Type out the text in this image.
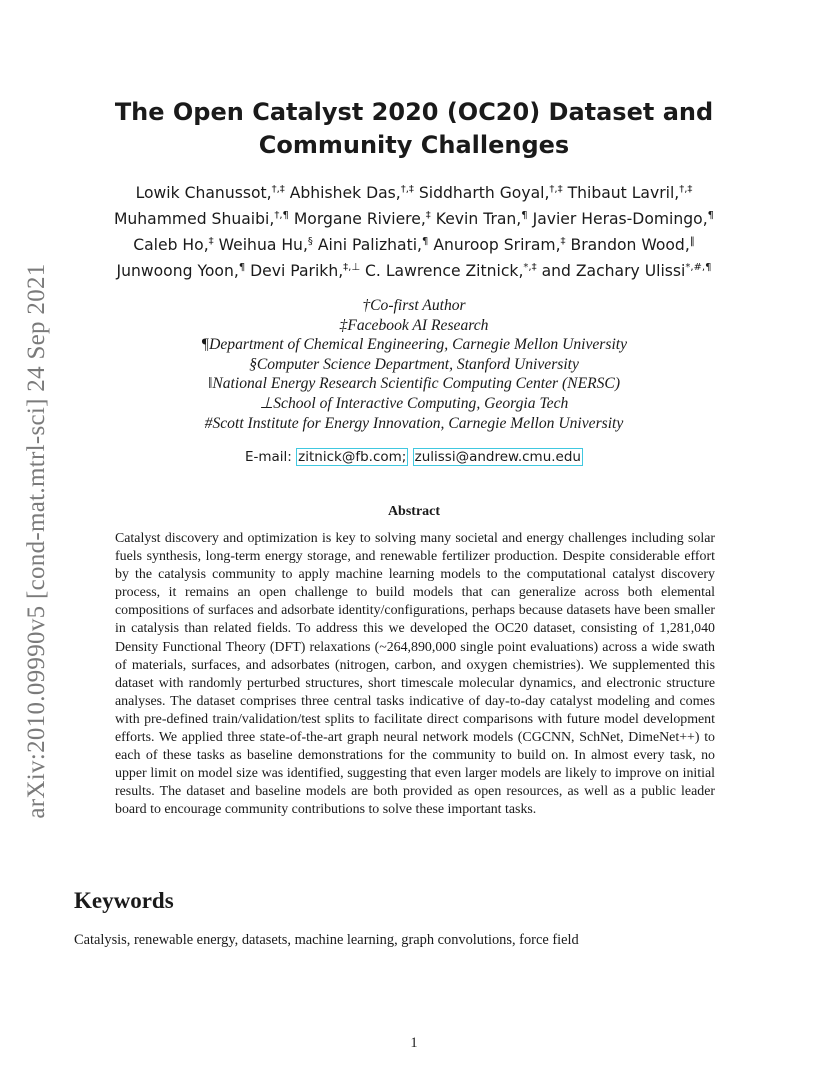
arXiv:2010.09990v5 [cond-mat.mtrl-sci] 24 Sep 2021
The Open Catalyst 2020 (OC20) Dataset and
Community Challenges
Lowik Chanussot,†,‡ Abhishek Das,†,‡ Siddharth Goyal,†,‡ Thibaut Lavril,†,‡
Muhammed Shuaibi,†,¶ Morgane Riviere,‡ Kevin Tran,¶ Javier Heras-Domingo,¶
Caleb Ho,‡ Weihua Hu,§ Aini Palizhati,¶ Anuroop Sriram,‡ Brandon Wood,‖
Junwoong Yoon,¶ Devi Parikh,‡,⊥ C. Lawrence Zitnick,*,‡ and Zachary Ulissi*,#,¶
†Co-first Author
‡Facebook AI Research
¶Department of Chemical Engineering, Carnegie Mellon University
§Computer Science Department, Stanford University
‖National Energy Research Scientific Computing Center (NERSC)
⊥School of Interactive Computing, Georgia Tech
#Scott Institute for Energy Innovation, Carnegie Mellon University
E-mail: zitnick@fb.com; zulissi@andrew.cmu.edu
Abstract
Catalyst discovery and optimization is key to solving many societal and energy challenges including solar fuels synthesis, long-term energy storage, and renewable fertilizer production. Despite considerable effort by the catalysis community to apply machine learning models to the computational catalyst discovery process, it remains an open challenge to build models that can generalize across both elemental compositions of surfaces and adsorbate identity/configurations, perhaps because datasets have been smaller in catalysis than related fields. To address this we developed the OC20 dataset, consisting of 1,281,040 Density Functional Theory (DFT) relaxations (~264,890,000 single point evaluations) across a wide swath of materials, surfaces, and adsorbates (nitrogen, carbon, and oxygen chemistries). We supplemented this dataset with randomly perturbed structures, short timescale molecular dynamics, and electronic structure analyses. The dataset comprises three central tasks indicative of day-to-day catalyst modeling and comes with pre-defined train/validation/test splits to facilitate direct comparisons with future model development efforts. We applied three state-of-the-art graph neural network models (CGCNN, SchNet, DimeNet++) to each of these tasks as baseline demonstrations for the community to build on. In almost every task, no upper limit on model size was identified, suggesting that even larger models are likely to improve on initial results. The dataset and baseline models are both provided as open resources, as well as a public leader board to encourage community contributions to solve these important tasks.
Keywords
Catalysis, renewable energy, datasets, machine learning, graph convolutions, force field
1
